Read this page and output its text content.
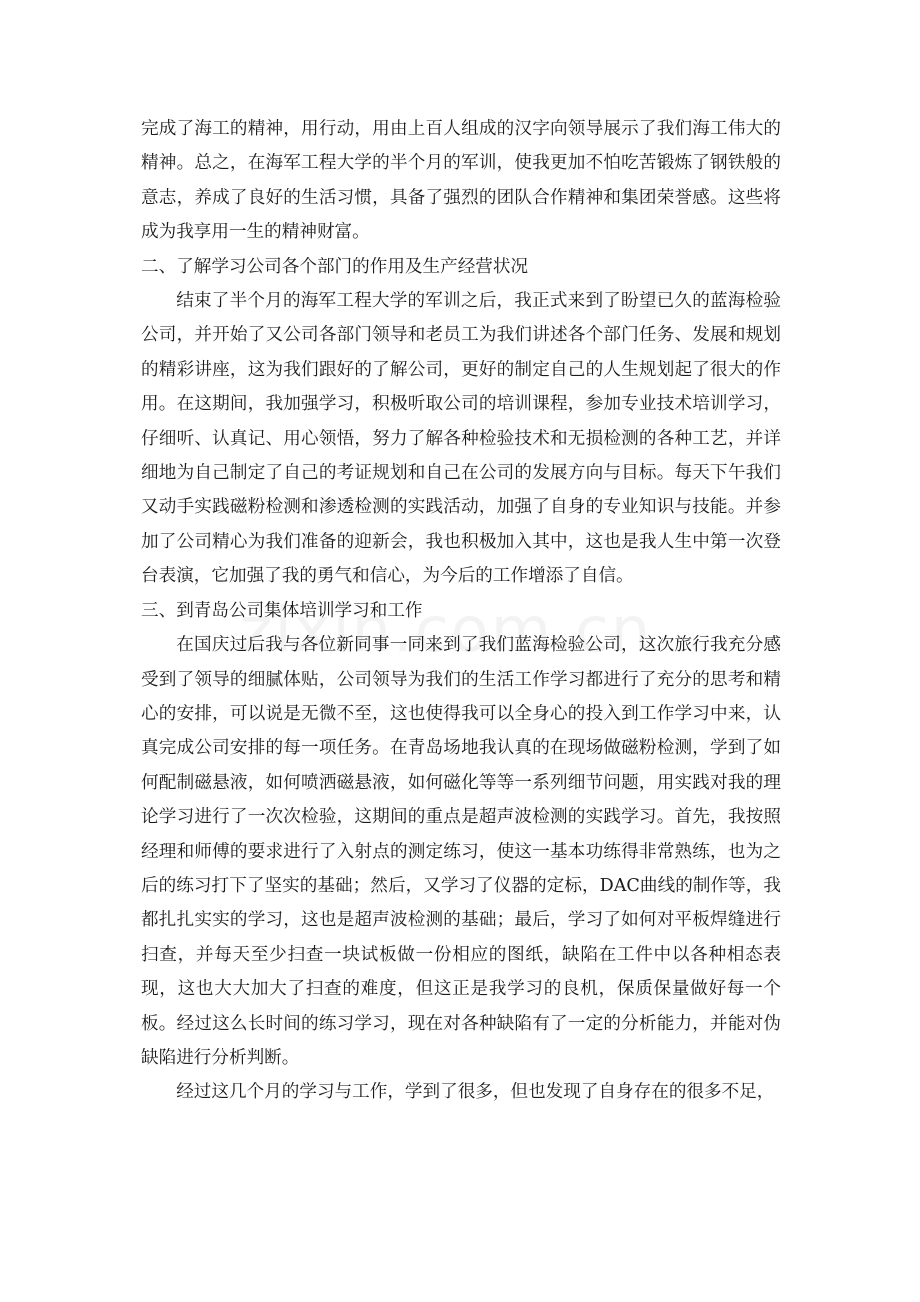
完成了海工的精神，用行动，用由上百人组成的汉字向领导展示了我们海工伟大的精神。总之，在海军工程大学的半个月的军训，使我更加不怕吃苦锻炼了钢铁般的意志，养成了良好的生活习惯，具备了强烈的团队合作精神和集团荣誉感。这些将成为我享用一生的精神财富。

二、了解学习公司各个部门的作用及生产经营状况

结束了半个月的海军工程大学的军训之后，我正式来到了盼望已久的蓝海检验公司，并开始了又公司各部门领导和老员工为我们讲述各个部门任务、发展和规划的精彩讲座，这为我们跟好的了解公司，更好的制定自己的人生规划起了很大的作用。在这期间，我加强学习，积极听取公司的培训课程，参加专业技术培训学习，仔细听、认真记、用心领悟，努力了解各种检验技术和无损检测的各种工艺，并详细地为自己制定了自己的考证规划和自己在公司的发展方向与目标。每天下午我们又动手实践磁粉检测和渗透检测的实践活动，加强了自身的专业知识与技能。并参加了公司精心为我们准备的迎新会，我也积极加入其中，这也是我人生中第一次登台表演，它加强了我的勇气和信心，为今后的工作增添了自信。

三、到青岛公司集体培训学习和工作

在国庆过后我与各位新同事一同来到了我们蓝海检验公司，这次旅行我充分感受到了领导的细腻体贴，公司领导为我们的生活工作学习都进行了充分的思考和精心的安排，可以说是无微不至，这也使得我可以全身心的投入到工作学习中来，认真完成公司安排的每一项任务。在青岛场地我认真的在现场做磁粉检测，学到了如何配制磁悬液，如何喷洒磁悬液，如何磁化等等一系列细节问题，用实践对我的理论学习进行了一次次检验，这期间的重点是超声波检测的实践学习。首先，我按照经理和师傅的要求进行了入射点的测定练习，使这一基本功练得非常熟练，也为之后的练习打下了坚实的基础；然后，又学习了仪器的定标，DAC曲线的制作等，我都扎扎实实的学习，这也是超声波检测的基础；最后，学习了如何对平板焊缝进行扫查，并每天至少扫查一块试板做一份相应的图纸，缺陷在工件中以各种相态表现，这也大大加大了扫查的难度，但这正是我学习的良机，保质保量做好每一个板。经过这么长时间的练习学习，现在对各种缺陷有了一定的分析能力，并能对伪缺陷进行分析判断。

经过这几个月的学习与工作，学到了很多，但也发现了自身存在的很多不足，
